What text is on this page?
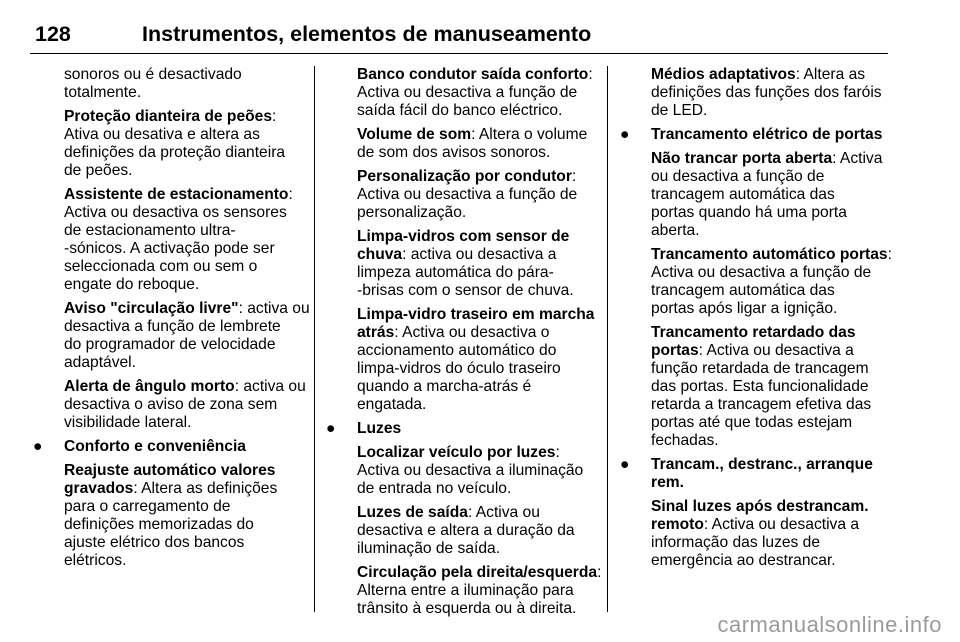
128	Instrumentos, elementos de manuseamento
sonoros ou é desactivado
totalmente.
Proteção dianteira de peões:
Ativa ou desativa e altera as
definições da proteção dianteira
de peões.
Assistente de estacionamento:
Activa ou desactiva os sensores
de estacionamento ultra-
-sónicos. A activação pode ser
seleccionada com ou sem o
engate do reboque.
Aviso "circulação livre": activa ou
desactiva a função de lembrete
do programador de velocidade
adaptável.
Alerta de ângulo morto: activa ou
desactiva o aviso de zona sem
visibilidade lateral.
● Conforto e conveniência
Reajuste automático valores
gravados: Altera as definições
para o carregamento de
definições memorizadas do
ajuste elétrico dos bancos
elétricos.
Banco condutor saída conforto:
Activa ou desactiva a função de
saída fácil do banco eléctrico.
Volume de som: Altera o volume
de som dos avisos sonoros.
Personalização por condutor:
Activa ou desactiva a função de
personalização.
Limpa-vidros com sensor de
chuva: activa ou desactiva a
limpeza automática do pára-
-brisas com o sensor de chuva.
Limpa-vidro traseiro em marcha
atrás: Activa ou desactiva o
accionamento automático do
limpa-vidros do óculo traseiro
quando a marcha-atrás é
engatada.
● Luzes
Localizar veículo por luzes:
Activa ou desactiva a iluminação
de entrada no veículo.
Luzes de saída: Activa ou
desactiva e altera a duração da
iluminação de saída.
Circulação pela direita/esquerda:
Alterna entre a iluminação para
trânsito à esquerda ou à direita.
Médios adaptativos: Altera as
definições das funções dos faróis
de LED.
● Trancamento elétrico de portas
Não trancar porta aberta: Activa
ou desactiva a função de
trancagem automática das
portas quando há uma porta
aberta.
Trancamento automático portas:
Activa ou desactiva a função de
trancagem automática das
portas após ligar a ignição.
Trancamento retardado das
portas: Activa ou desactiva a
função retardada de trancagem
das portas. Esta funcionalidade
retarda a trancagem efetiva das
portas até que todas estejam
fechadas.
● Trancam., destranc., arranque
rem.
Sinal luzes após destrancam.
remoto: Activa ou desactiva a
informação das luzes de
emergência ao destrancar.
carmanualsonline.info
